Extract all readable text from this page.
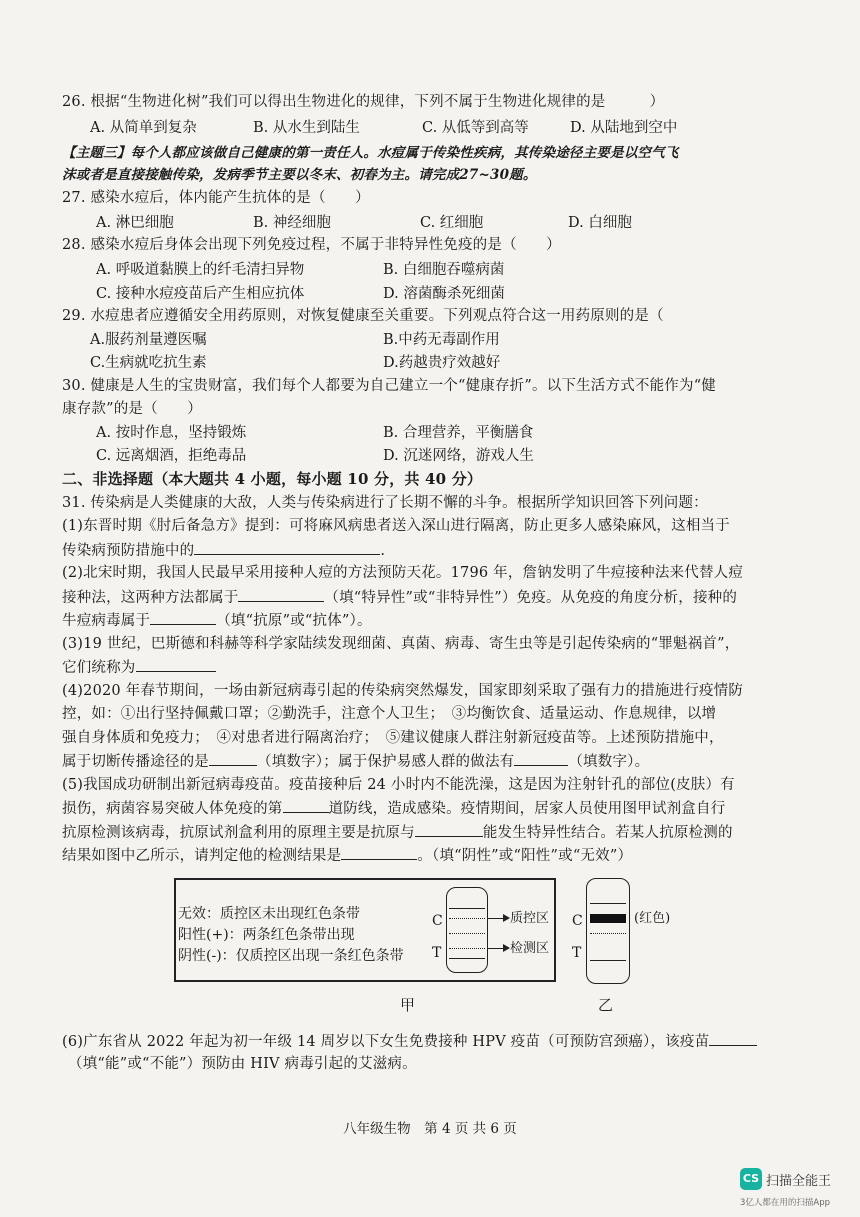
26. 根据“生物进化树”我们可以得出生物进化的规律，下列不属于生物进化规律的是　　　）
A. 从简单到复杂	B. 从水生到陆生	C. 从低等到高等	D. 从陆地到空中
【主题三】每个人都应该做自己健康的第一责任人。水痘属于传染性疾病，其传染途径主要是以空气飞
沫或者是直接接触传染，发病季节主要以冬末、初春为主。请完成27~30题。
27. 感染水痘后，体内能产生抗体的是（　　）
A. 淋巴细胞	B. 神经细胞	C. 红细胞	D. 白细胞
28. 感染水痘后身体会出现下列免疫过程，不属于非特异性免疫的是（　　）
A. 呼吸道黏膜上的纤毛清扫异物	B. 白细胞吞噬病菌
C. 接种水痘疫苗后产生相应抗体	D. 溶菌酶杀死细菌
29. 水痘患者应遵循安全用药原则，对恢复健康至关重要。下列观点符合这一用药原则的是（
A.服药剂量遵医嘱	B.中药无毒副作用
C.生病就吃抗生素	D.药越贵疗效越好
30. 健康是人生的宝贵财富，我们每个人都要为自己建立一个“健康存折”。以下生活方式不能作为“健
康存款”的是（　　）
A. 按时作息，坚持锻炼	B. 合理营养，平衡膳食
C. 远离烟酒，拒绝毒品	D. 沉迷网络，游戏人生
二、非选择题（本大题共 4 小题，每小题 10 分，共 40 分）
31. 传染病是人类健康的大敌，人类与传染病进行了长期不懈的斗争。根据所学知识回答下列问题：
(1)东晋时期《肘后备急方》提到：可将麻风病患者送入深山进行隔离，防止更多人感染麻风，这相当于
传染病预防措施中的	.
(2)北宋时期，我国人民最早采用接种人痘的方法预防天花。1796 年，詹钠发明了牛痘接种法来代替人痘
接种法，这两种方法都属于	（填“特异性”或“非特异性”）免疫。从免疫的角度分析，接种的
牛痘病毒属于	（填“抗原”或“抗体”）。
(3)19 世纪，巴斯德和科赫等科学家陆续发现细菌、真菌、病毒、寄生虫等是引起传染病的“罪魁祸首”，
它们统称为
(4)2020 年春节期间，一场由新冠病毒引起的传染病突然爆发，国家即刻采取了强有力的措施进行疫情防
控，如：①出行坚持佩戴口罩；②勤洗手，注意个人卫生；　③均衡饮食、适量运动、作息规律，以增
强自身体质和免疫力；　④对患者进行隔离治疗；　⑤建议健康人群注射新冠疫苗等。上述预防措施中，
属于切断传播途径的是	（填数字）；属于保护易感人群的做法有	（填数字）。
(5)我国成功研制出新冠病毒疫苗。疫苗接种后 24 小时内不能洗澡，这是因为注射针孔的部位(皮肤）有
损伤，病菌容易突破人体免疫的第	道防线，造成感染。疫情期间，居家人员使用图甲试剂盒自行
抗原检测该病毒，抗原试剂盒利用的原理主要是抗原与	能发生特异性结合。若某人抗原检测的
结果如图中乙所示，请判定他的检测结果是	。（填“阴性”或“阳性”或“无效”）
无效：质控区未出现红色条带
阳性(+)：两条红色条带出现
阴性(-)：仅质控区出现一条红色条带
C
T
质控区
检测区
甲
C
T
(红色)
乙
(6)广东省从 2022 年起为初一年级 14 周岁以下女生免费接种 HPV 疫苗（可预防宫颈癌），该疫苗
（填“能”或“不能”）预防由 HIV 病毒引起的艾滋病。
八年级生物　第 4 页 共 6 页
CS 扫描全能王
3亿人都在用的扫描App
